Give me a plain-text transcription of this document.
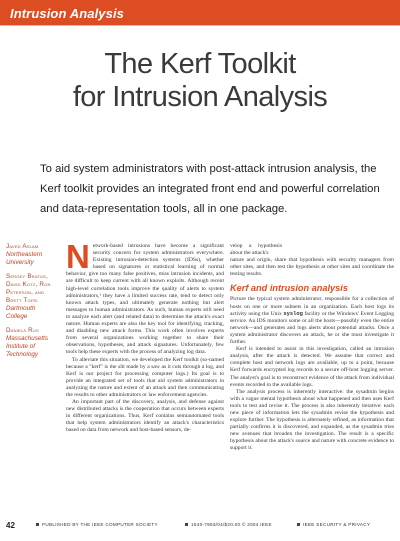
Intrusion Analysis
The Kerf Toolkit
for Intrusion Analysis
To aid system administrators with post-attack intrusion analysis, the Kerf toolkit provides an integrated front end and powerful correlation and data-representation tools, all in one package.
Javed Aslam
Northeastern University
Sergey Bratus, David Kotz, Ron Peterson, and Brett Tofel
Dartmouth College
Daniela Rus
Massachusetts Institute of Technology

Network-based intrusions have become a significant security concern for system administrators everywhere. Existing intrusion-detection systems (IDSs), whether based on signatures or statistical learning of normal behavior, give too many false positives, miss intrusion incidents, and are difficult to keep current with all known exploits. Although recent high-level correlation tools improve the quality of alerts to system administrators,¹ they have a limited success rate, tend to detect only known attack types, and ultimately generate nothing but alert messages to human administrators. As such, human experts still need to analyze each alert (and related data) to determine the attack's exact nature. Human experts are also the key tool for identifying, tracking, and disabling new attack forms. This work often involves experts from several organizations working together to share their observations, hypotheses, and attack signatures. Unfortunately, few tools help these experts with the process of analyzing log data.

To alleviate this situation, we developed the Kerf toolkit (so-named because a "kerf" is the slit made by a saw as it cuts through a log, and Kerf is our project for processing computer logs.) Its goal is to provide an integrated set of tools that aid system administrators in analyzing the nature and extent of an attack and then communicating the results to other administrators or law enforcement agencies.

An important part of the discovery, analysis, and defense against new distributed attacks is the cooperation that occurs between experts in different organizations. Thus, Kerf contains semiautomated tools that help system administrators identify an attack's characteristics based on data from network and host-based sensors, de-

velop a hypothesis about the attack's

nature and origin, share that hypothesis with security managers from other sites, and then test the hypothesis at other sites and coordinate the testing results.

Kerf and intrusion analysis

Picture the typical system administrator, responsible for a collection of hosts on one or more subnets in an organization. Each host logs its activity using the Unix syslog facility or the Windows' Event Logging service. An IDS monitors some or all the hosts—possibly even the entire network—and generates and logs alerts about potential attacks. Once a system administrator discovers an attack, he or she must investigate it further.

Kerf is intended to assist in this investigation, called an intrusion analysis, after the attack is detected. We assume that correct and complete host and network logs are available, up to a point, because Kerf forwards encrypted log records to a secure off-host logging server. The analyst's goal is to reconstruct evidence of the attack from individual events recorded in the available logs.

The analysis process is inherently interactive: the sysadmin begins with a vague mental hypothesis about what happened and then uses Kerf tools to test and revise it. The process is also inherently iterative: each new piece of information lets the sysadmin revise the hypothesis and explore further. The hypothesis is alternately refined, as information that partially confirms it is discovered, and expanded, as the sysadmin tries new avenues that broaden the investigation. The result is a specific hypothesis about the attack's source and nature with concrete evidence to support it.

42	PUBLISHED BY THE IEEE COMPUTER SOCIETY	1540-7993/04/$20.00 © 2004 IEEE	IEEE SECURITY & PRIVACY
